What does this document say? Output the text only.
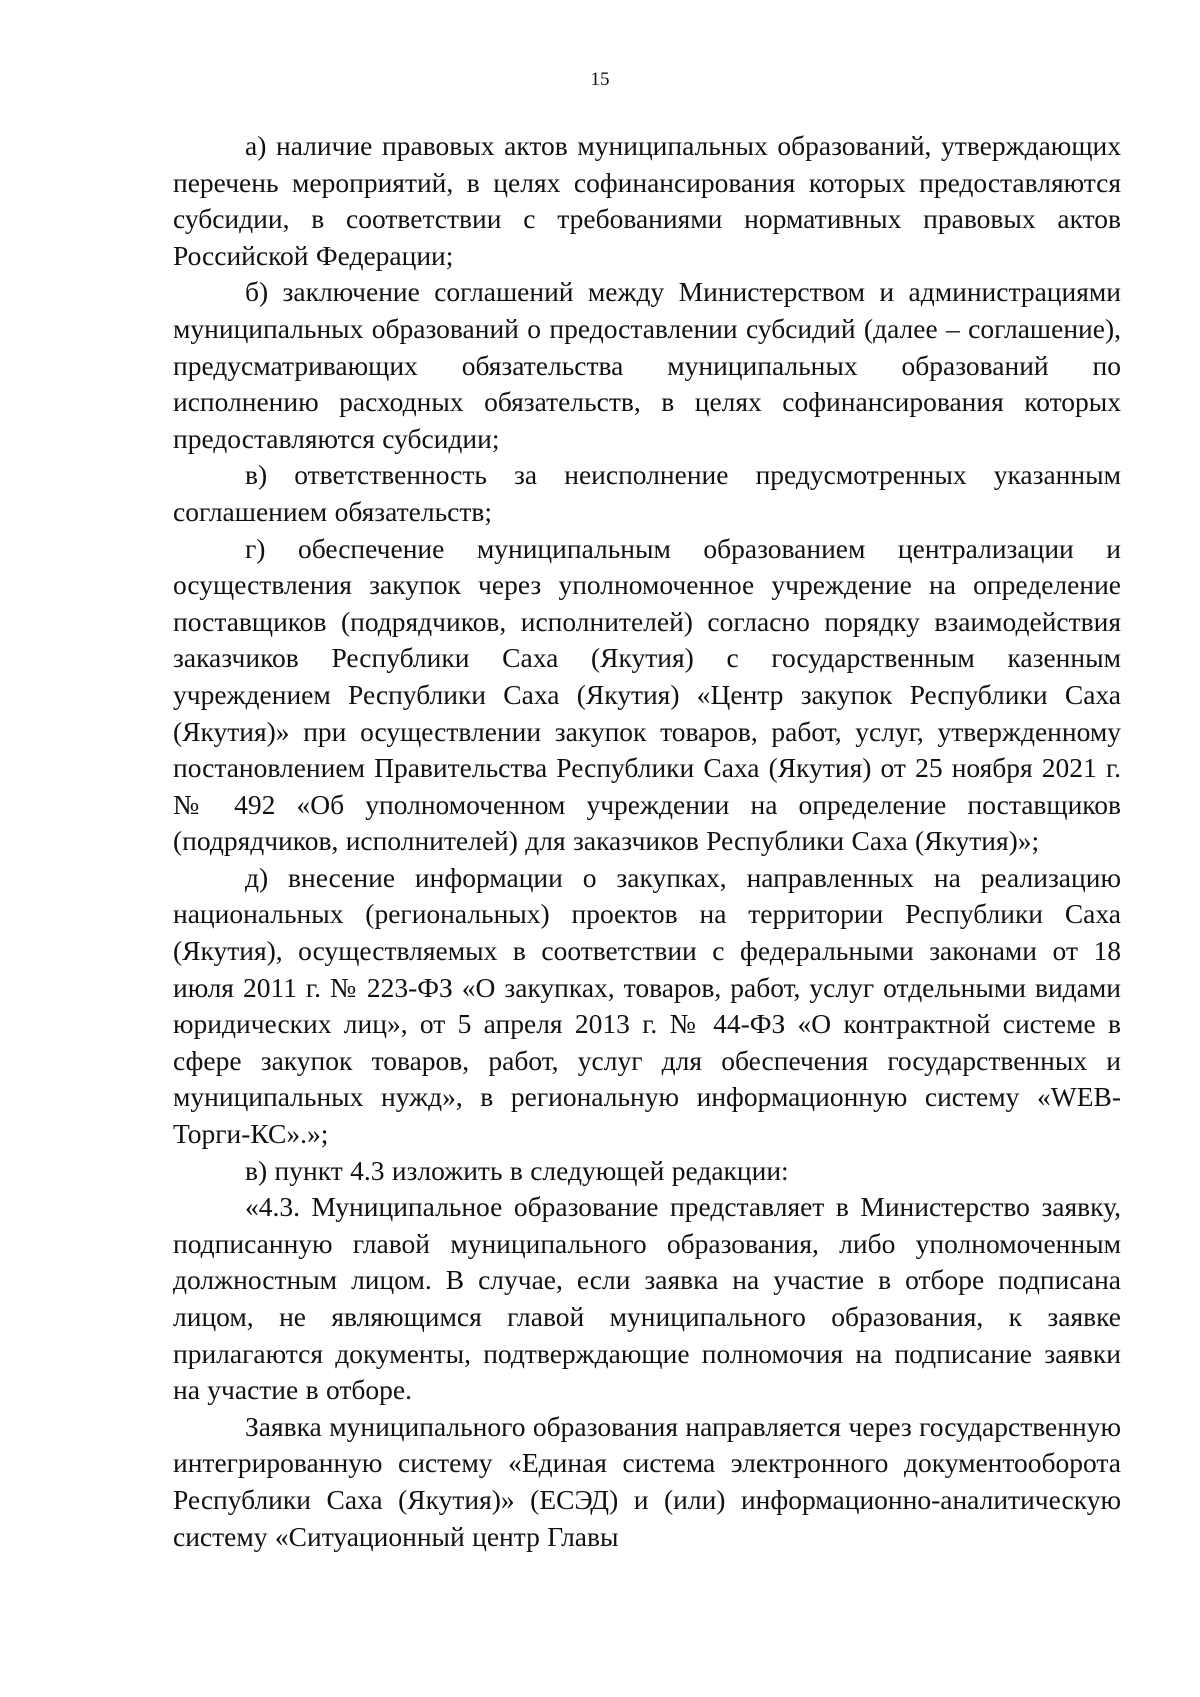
15

а) наличие правовых актов муниципальных образований, утверждающих перечень мероприятий, в целях софинансирования которых предоставляются субсидии, в соответствии с требованиями нормативных правовых актов Российской Федерации;

б) заключение соглашений между Министерством и администрациями муниципальных образований о предоставлении субсидий (далее – соглашение), предусматривающих обязательства муниципальных образований по исполнению расходных обязательств, в целях софинансирования которых предоставляются субсидии;

в) ответственность за неисполнение предусмотренных указанным соглашением обязательств;

г) обеспечение муниципальным образованием централизации и осуществления закупок через уполномоченное учреждение на определение поставщиков (подрядчиков, исполнителей) согласно порядку взаимодействия заказчиков Республики Саха (Якутия) с государственным казенным учреждением Республики Саха (Якутия) «Центр закупок Республики Саха (Якутия)» при осуществлении закупок товаров, работ, услуг, утвержденному постановлением Правительства Республики Саха (Якутия) от 25 ноября 2021 г. № 492 «Об уполномоченном учреждении на определение поставщиков (подрядчиков, исполнителей) для заказчиков Республики Саха (Якутия)»;

д) внесение информации о закупках, направленных на реализацию национальных (региональных) проектов на территории Республики Саха (Якутия), осуществляемых в соответствии с федеральными законами от 18 июля 2011 г. № 223-ФЗ «О закупках, товаров, работ, услуг отдельными видами юридических лиц», от 5 апреля 2013 г. № 44-ФЗ «О контрактной системе в сфере закупок товаров, работ, услуг для обеспечения государственных и муниципальных нужд», в региональную информационную систему «WEB-Торги-КС».»;

в) пункт 4.3 изложить в следующей редакции:

«4.3. Муниципальное образование представляет в Министерство заявку, подписанную главой муниципального образования, либо уполномоченным должностным лицом. В случае, если заявка на участие в отборе подписана лицом, не являющимся главой муниципального образования, к заявке прилагаются документы, подтверждающие полномочия на подписание заявки на участие в отборе.

Заявка муниципального образования направляется через государственную интегрированную систему «Единая система электронного документооборота Республики Саха (Якутия)» (ЕСЭД) и (или) информационно-аналитическую систему «Ситуационный центр Главы
